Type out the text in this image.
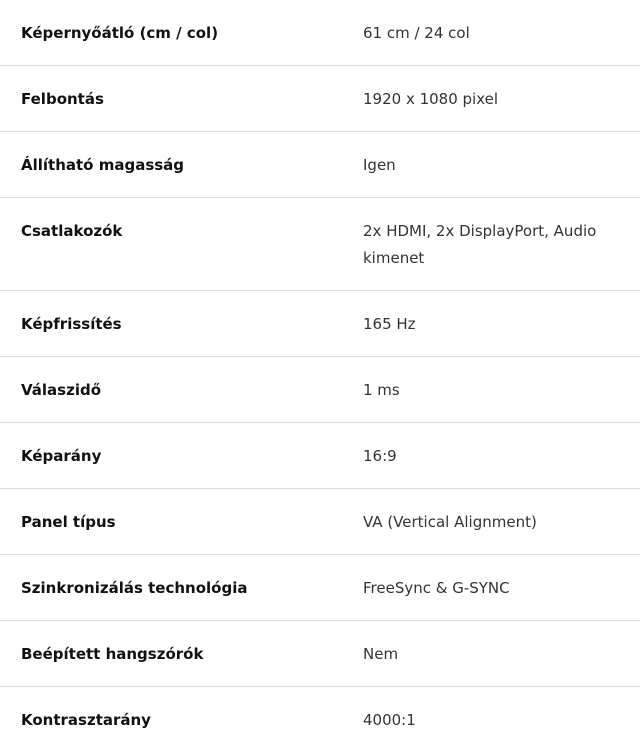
Képernyőátló (cm / col)	61 cm / 24 col
Felbontás	1920 x 1080 pixel
Állítható magasság	Igen
Csatlakozók	2x HDMI, 2x DisplayPort, Audio kimenet
Képfrissítés	165 Hz
Válaszidő	1 ms
Képarány	16:9
Panel típus	VA (Vertical Alignment)
Szinkronizálás technológia	FreeSync & G-SYNC
Beépített hangszórók	Nem
Kontrasztarány	4000:1
